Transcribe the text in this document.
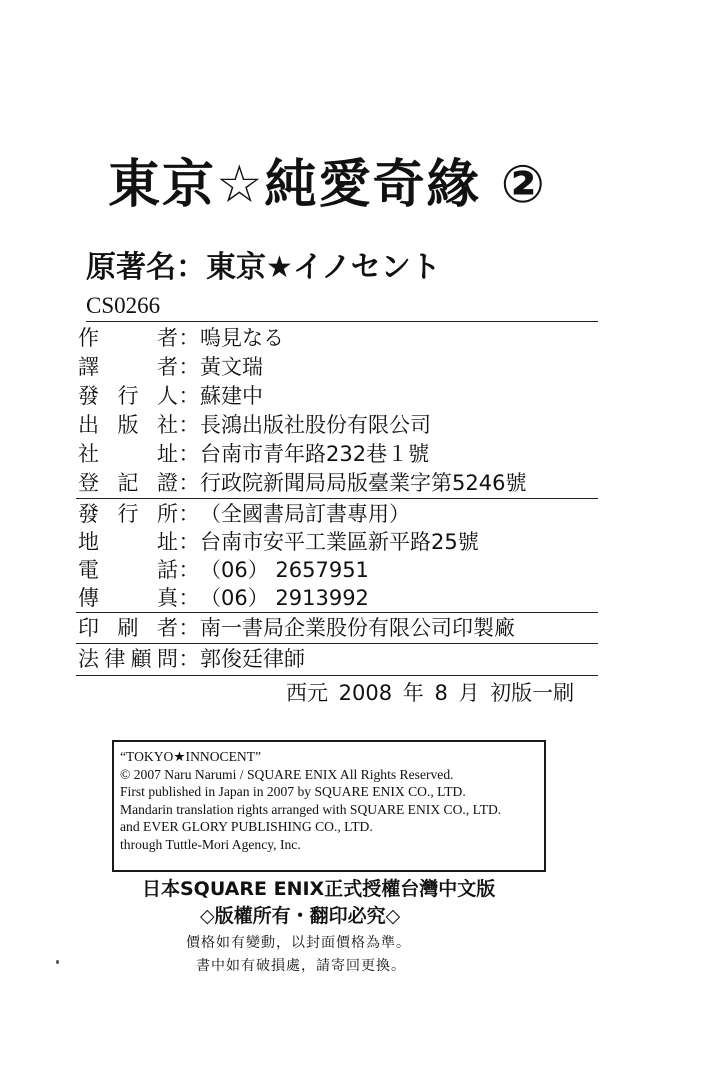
東京☆純愛奇緣 ②
原著名：東京★イノセント
CS0266
作者：嗚見なる
譯者：黃文瑞
發行人：蘇建中
出版社：長鴻出版社股份有限公司
社址：台南市青年路232巷１號
登記證：行政院新聞局局版臺業字第5246號
發行所：（全國書局訂書專用）
地址：台南市安平工業區新平路25號
電話：（06） 2657951
傳真：（06） 2913992
印刷者：南一書局企業股份有限公司印製廠
法律顧問：郭俊廷律師
西元 2008 年 8 月 初版一刷
“TOKYO★INNOCENT”
© 2007 Naru Narumi / SQUARE ENIX All Rights Reserved.
First published in Japan in 2007 by SQUARE ENIX CO., LTD.
Mandarin translation rights arranged with SQUARE ENIX CO., LTD.
and EVER GLORY PUBLISHING CO., LTD.
through Tuttle-Mori Agency, Inc.
日本SQUARE ENIX正式授權台灣中文版
◇版權所有・翻印必究◇
價格如有變動，以封面價格為準。
書中如有破損處，請寄回更換。
